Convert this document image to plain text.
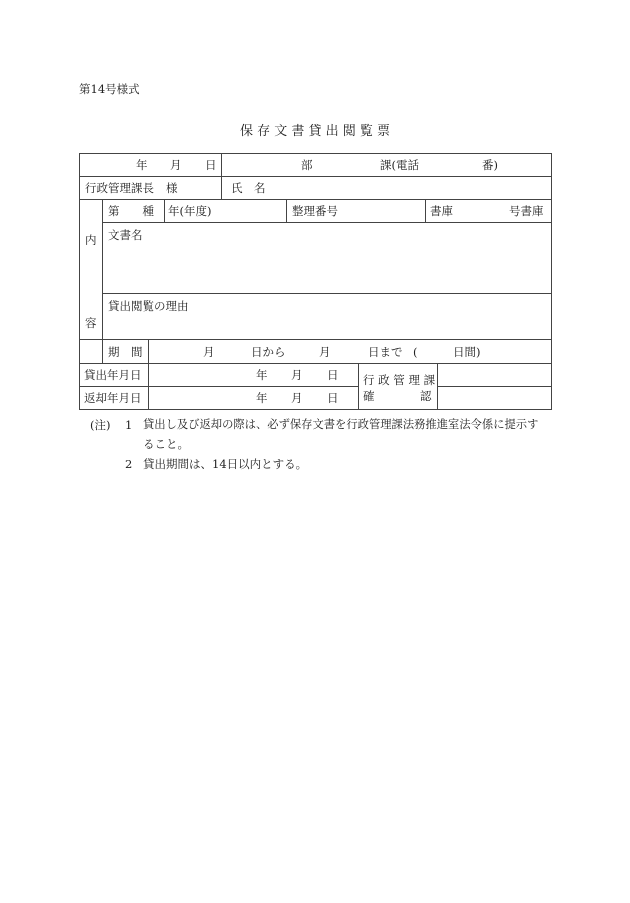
第14号様式
保 存 文 書 貸 出 閲 覧 票
年 月 日	部	課(電話	番)
行政管理課長 様	氏　名
内
容
第　　種	年(年度)	整理番号	書庫	号書庫
文書名
貸出閲覧の理由
期　間	月	日から	月	日まで (	日間)
貸出年月日	年 月 日
返却年月日	年 月 日
行 政 管 理 課
確	認
(注) 1 貸出し及び返却の際は、必ず保存文書を行政管理課法務推進室法令係に提示す
ること。
2 貸出期間は、14日以内とする。
